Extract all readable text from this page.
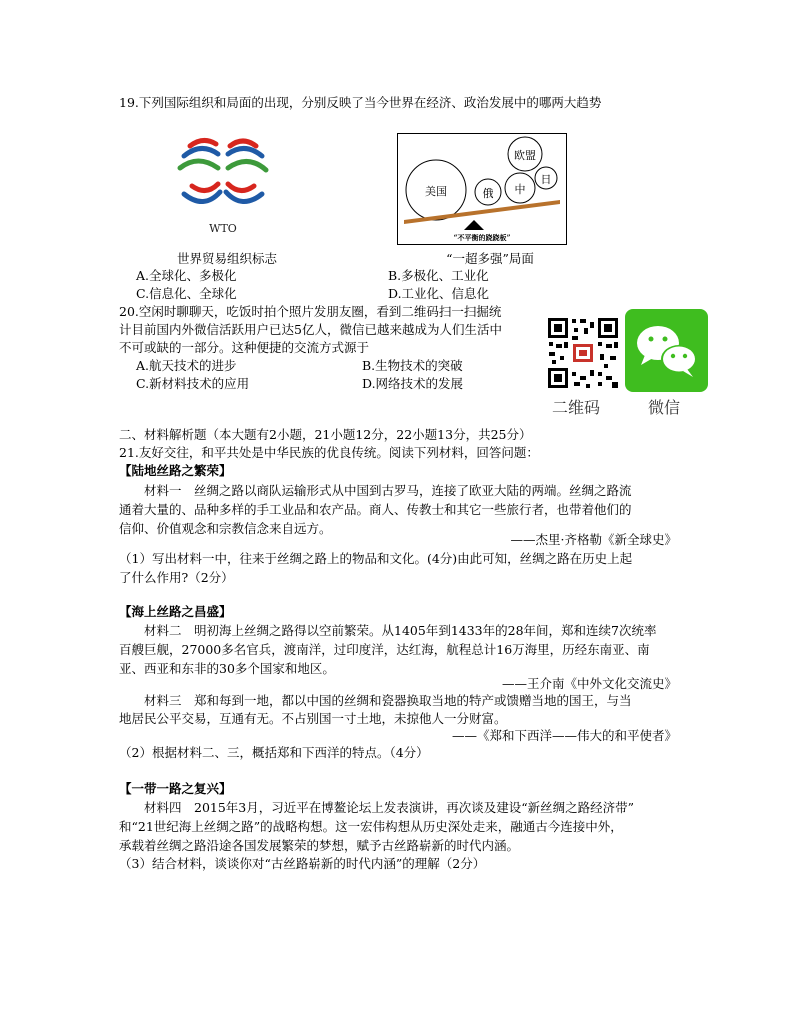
19.下列国际组织和局面的出现，分别反映了当今世界在经济、政治发展中的哪两大趋势
WTO
美国	俄 中
欧盟
日
“不平衡的跷跷板”
世界贸易组织标志	“一超多强”局面
A.全球化、多极化	B.多极化、工业化
C.信息化、全球化	D.工业化、信息化
20.空闲时聊聊天，吃饭时拍个照片发朋友圈，看到二维码扫一扫掘统
计目前国内外微信活跃用户已达5亿人，微信已越来越成为人们生活中
不可或缺的一部分。这种便捷的交流方式源于
A.航天技术的进步	B.生物技术的突破
C.新材料技术的应用	D.网络技术的发展
二维码	微信
二、材料解析题（本大题有2小题，21小题12分，22小题13分，共25分）
21.友好交往，和平共处是中华民族的优良传统。阅读下列材料，回答问题：
【陆地丝路之繁荣】
材料一　丝绸之路以商队运输形式从中国到古罗马，连接了欧亚大陆的两端。丝绸之路流
通着大量的、品种多样的手工业品和农产品。商人、传教士和其它一些旅行者，也带着他们的
信仰、价值观念和宗教信念来自远方。
——杰里·齐格勒《新全球史》
（1）写出材料一中，往来于丝绸之路上的物品和文化。(4分)由此可知，丝绸之路在历史上起
了什么作用?（2分）
【海上丝路之昌盛】
材料二　明初海上丝绸之路得以空前繁荣。从1405年到1433年的28年间，郑和连续7次统率
百艘巨舰，27000多名官兵，渡南洋，过印度洋，达红海，航程总计16万海里，历经东南亚、南
亚、西亚和东非的30多个国家和地区。
——王介南《中外文化交流史》
材料三　郑和每到一地，都以中国的丝绸和瓷器换取当地的特产或馈赠当地的国王，与当
地居民公平交易，互通有无。不占别国一寸土地，未掠他人一分财富。
——《郑和下西洋——伟大的和平使者》
（2）根据材料二、三，概括郑和下西洋的特点。（4分）
【一带一路之复兴】
材料四　2015年3月，习近平在博鳌论坛上发表演讲，再次谈及建设“新丝绸之路经济带”
和“21世纪海上丝绸之路”的战略构想。这一宏伟构想从历史深处走来，融通古今连接中外，
承载着丝绸之路沿途各国发展繁荣的梦想，赋予古丝路崭新的时代内涵。
（3）结合材料，谈谈你对“古丝路崭新的时代内涵”的理解（2分）
